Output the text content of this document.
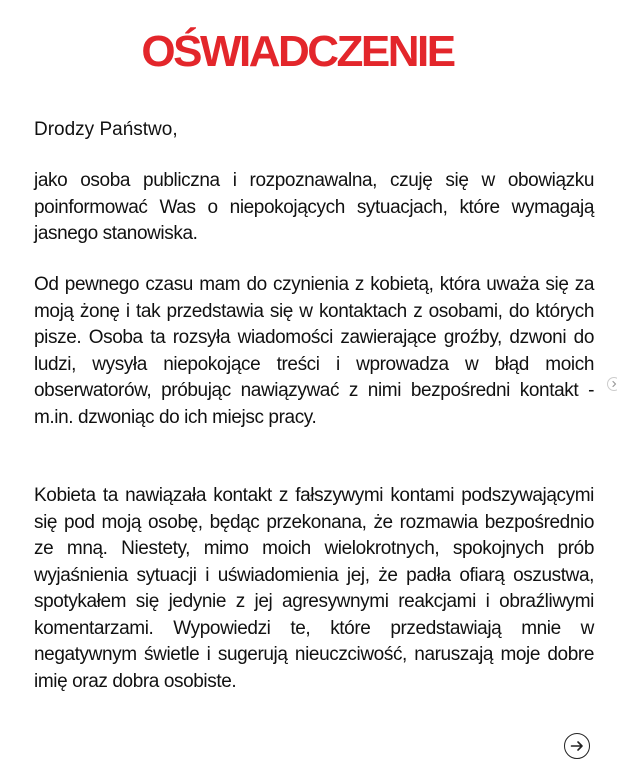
OŚWIADCZENIE
Drodzy Państwo,

jako osoba publiczna i rozpoznawalna, czuję się w obowiązku poinformować Was o niepokojących sytuacjach, które wymagają jasnego stanowiska.

Od pewnego czasu mam do czynienia z kobietą, która uważa się za moją żonę i tak przedstawia się w kontaktach z osobami, do których pisze. Osoba ta rozsyła wiadomości zawierające groźby, dzwoni do ludzi, wysyła niepokojące treści i wprowadza w błąd moich obserwatorów, próbując nawiązywać z nimi bezpośredni kontakt - m.in. dzwoniąc do ich miejsc pracy.

Kobieta ta nawiązała kontakt z fałszywymi kontami podszywającymi się pod moją osobę, będąc przekonana, że rozmawia bezpośrednio ze mną. Niestety, mimo moich wielokrotnych, spokojnych prób wyjaśnienia sytuacji i uświadomienia jej, że padła ofiarą oszustwa, spotykałem się jedynie z jej agresywnymi reakcjami i obraźliwymi komentarzami. Wypowiedzi te, które przedstawiają mnie w negatywnym świetle i sugerują nieuczciwość, naruszają moje dobre imię oraz dobra osobiste.
